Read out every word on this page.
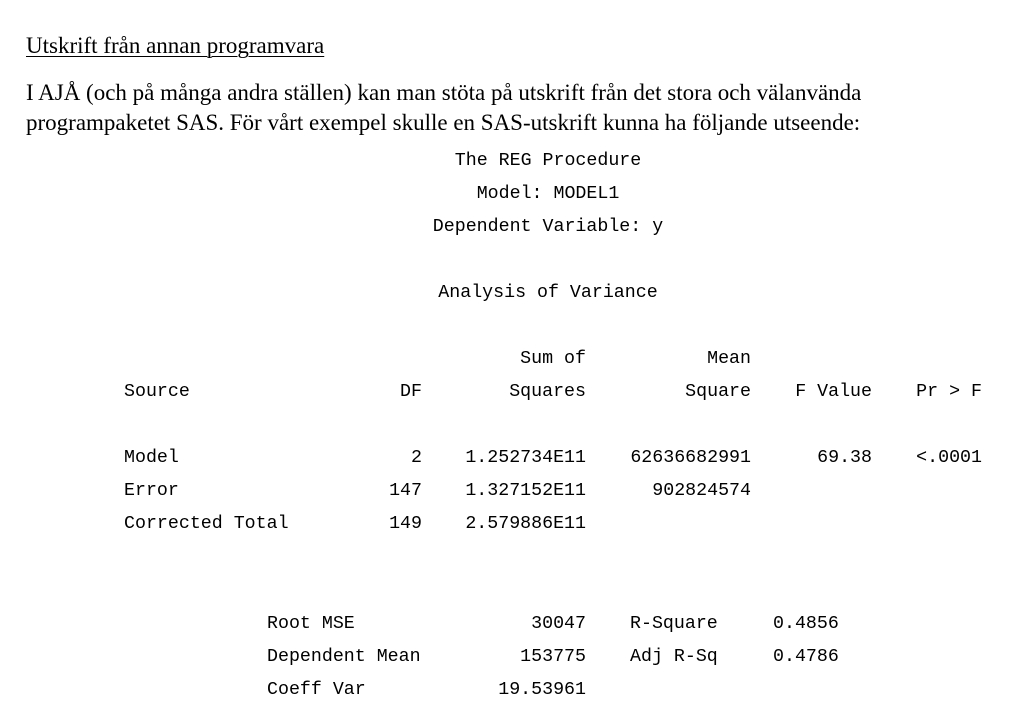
Utskrift från annan programvara
I AJÅ (och på många andra ställen) kan man stöta på utskrift från det stora och välanvända
programpaketet SAS. För vårt exempel skulle en SAS-utskrift kunna ha följande utseende:
The REG Procedure
Model: MODEL1
Dependent Variable: y
Analysis of Variance
Sum of	Mean
Source	DF	Squares	Square	F Value	Pr > F
Model	2	1.252734E11	62636682991	69.38	<.0001
Error	147	1.327152E11	902824574
Corrected Total	149	2.579886E11
Root MSE	30047 R-Square	0.4856
Dependent Mean	153775 Adj R-Sq	0.4786
Coeff Var	19.53961
